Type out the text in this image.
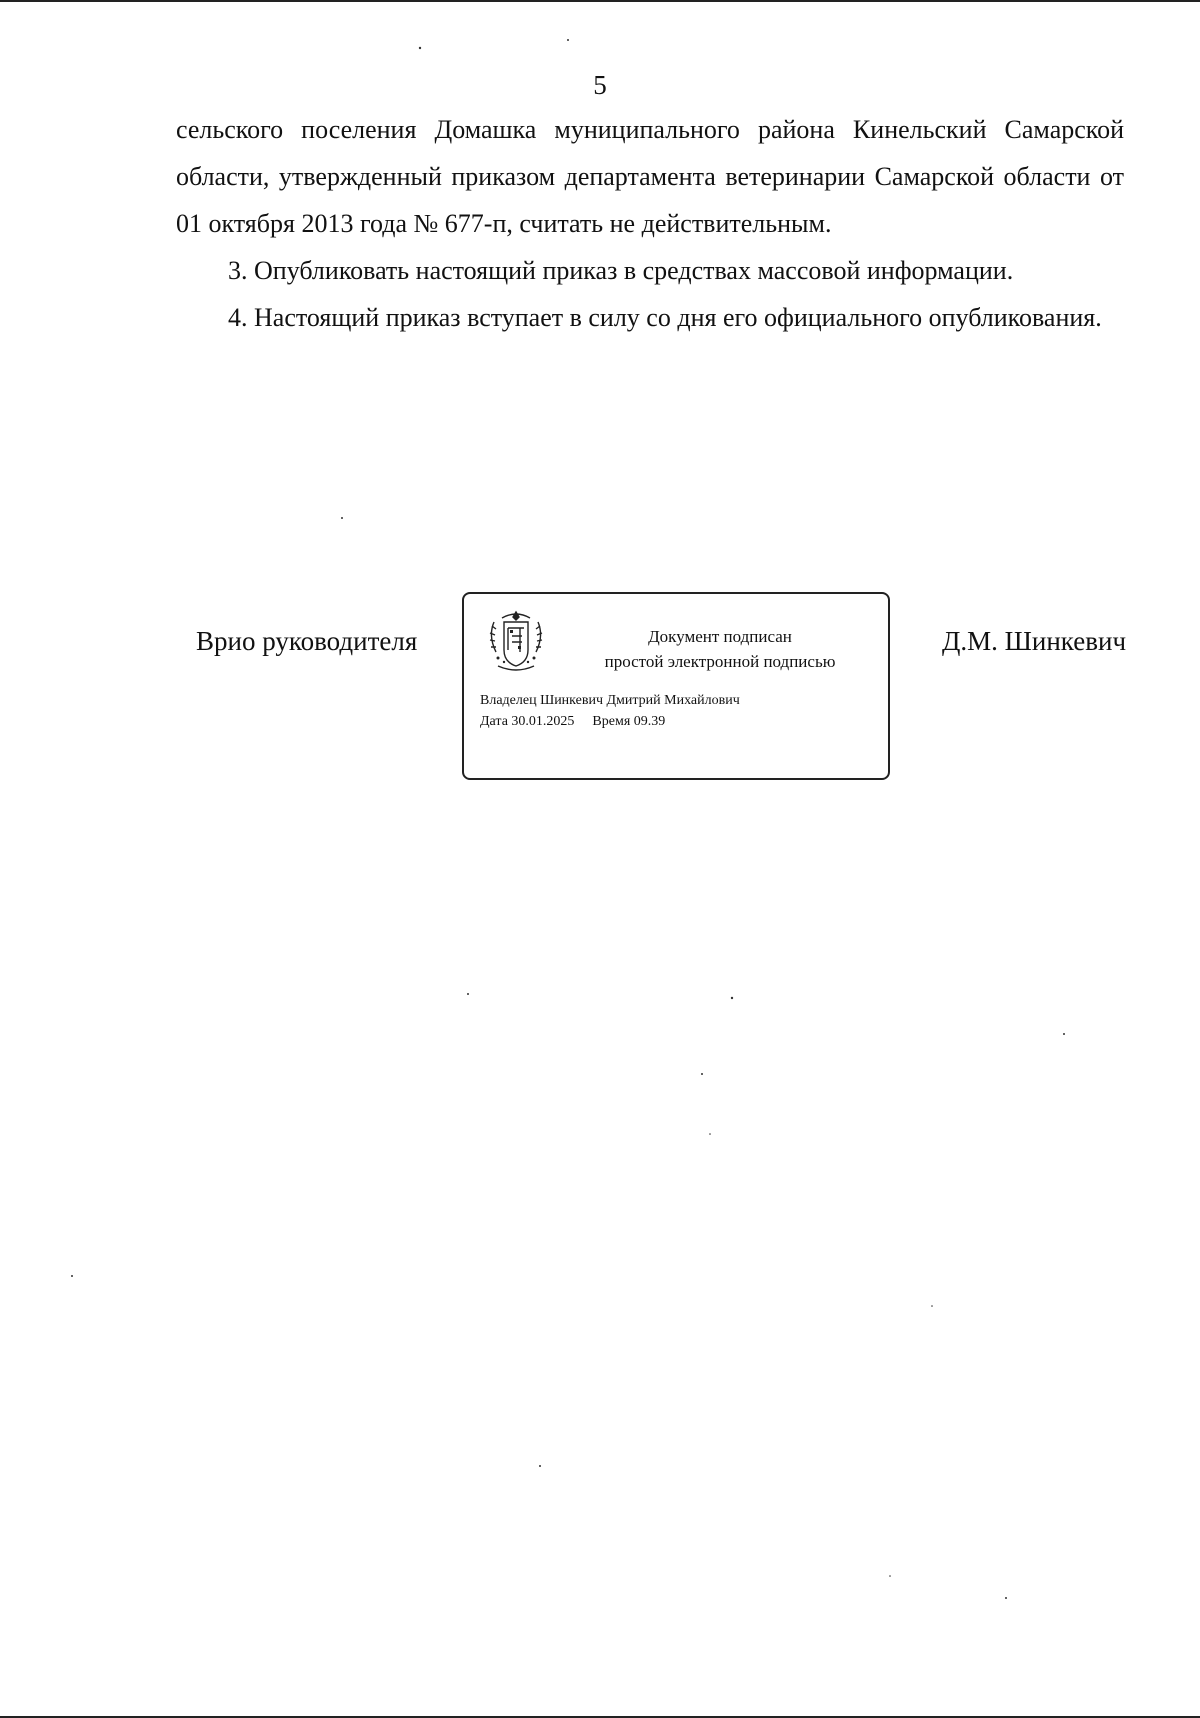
5

сельского поселения Домашка муниципального района Кинельский Самарской области, утвержденный приказом департамента ветеринарии Самарской области от 01 октября 2013 года № 677-п, считать не действительным.

3. Опубликовать настоящий приказ в средствах массовой информации.

4. Настоящий приказ вступает в силу со дня его официального опубликования.

Врио руководителя	Документ подписан
простой электронной подписью
Владелец Шинкевич Дмитрий Михайлович
Дата 30.01.2025 Время 09.39
Д.М. Шинкевич
